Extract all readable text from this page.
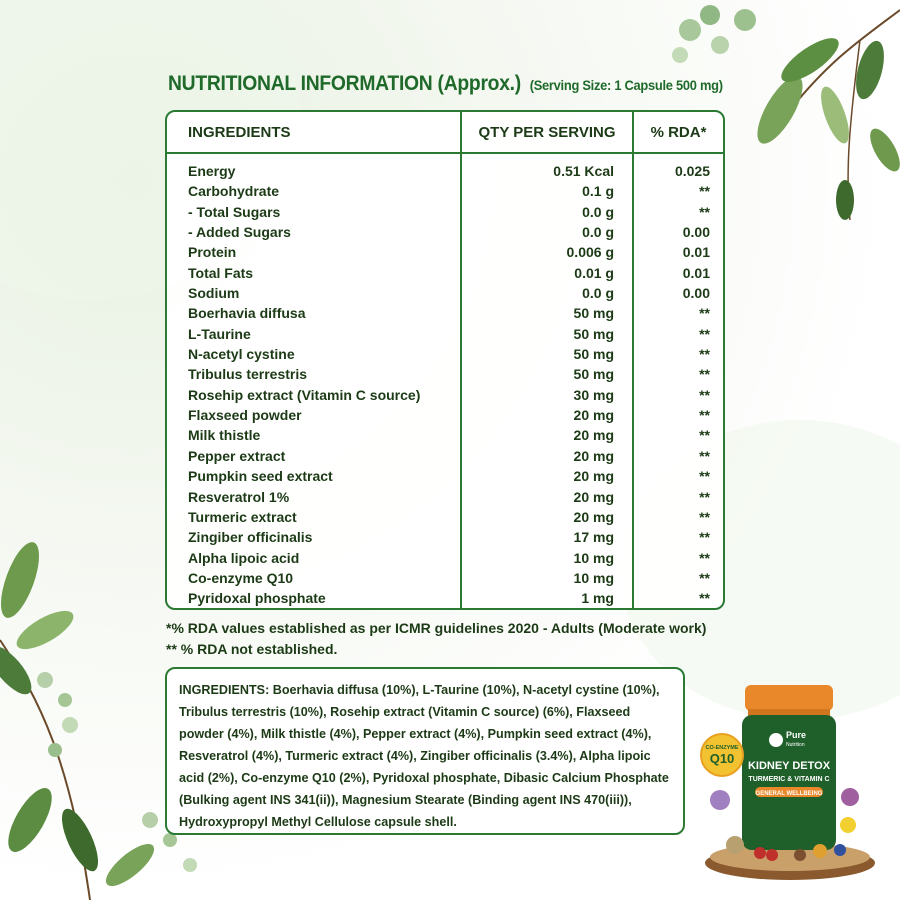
NUTRITIONAL INFORMATION (Approx.) (Serving Size: 1 Capsule 500 mg)
INGREDIENTS	QTY PER SERVING	% RDA*
Energy
Carbohydrate
- Total Sugars
- Added Sugars
Protein
Total Fats
Sodium
Boerhavia diffusa
L-Taurine
N-acetyl cystine
Tribulus terrestris
Rosehip extract (Vitamin C source)
Flaxseed powder
Milk thistle
Pepper extract
Pumpkin seed extract
Resveratrol 1%
Turmeric extract
Zingiber officinalis
Alpha lipoic acid
Co-enzyme Q10
Pyridoxal phosphate
0.51 Kcal
0.1 g
0.0 g
0.0 g
0.006 g
0.01 g
0.0 g
50 mg
50 mg
50 mg
50 mg
30 mg
20 mg
20 mg
20 mg
20 mg
20 mg
20 mg
17 mg
10 mg
10 mg
1 mg
0.025
**
**
0.00
0.01
0.01
0.00
**
**
**
**
**
**
**
**
**
**
**
**
**
**
**
*% RDA values established as per ICMR guidelines 2020 - Adults (Moderate work)
** % RDA not established.
INGREDIENTS: Boerhavia diffusa (10%), L-Taurine (10%), N-acetyl cystine (10%), Tribulus terrestris (10%), Rosehip extract (Vitamin C source) (6%), Flaxseed powder (4%), Milk thistle (4%), Pepper extract (4%), Pumpkin seed extract (4%), Resveratrol (4%), Turmeric extract (4%), Zingiber officinalis (3.4%), Alpha lipoic acid (2%), Co-enzyme Q10 (2%), Pyridoxal phosphate, Dibasic Calcium Phosphate (Bulking agent INS 341(ii)), Magnesium Stearate (Binding agent INS 470(iii)), Hydroxypropyl Methyl Cellulose capsule shell.
Pure
Nutrition
KIDNEY DETOX
TURMERIC & VITAMIN C
GENERAL WELLBEING
CO-ENZYME
Q10
